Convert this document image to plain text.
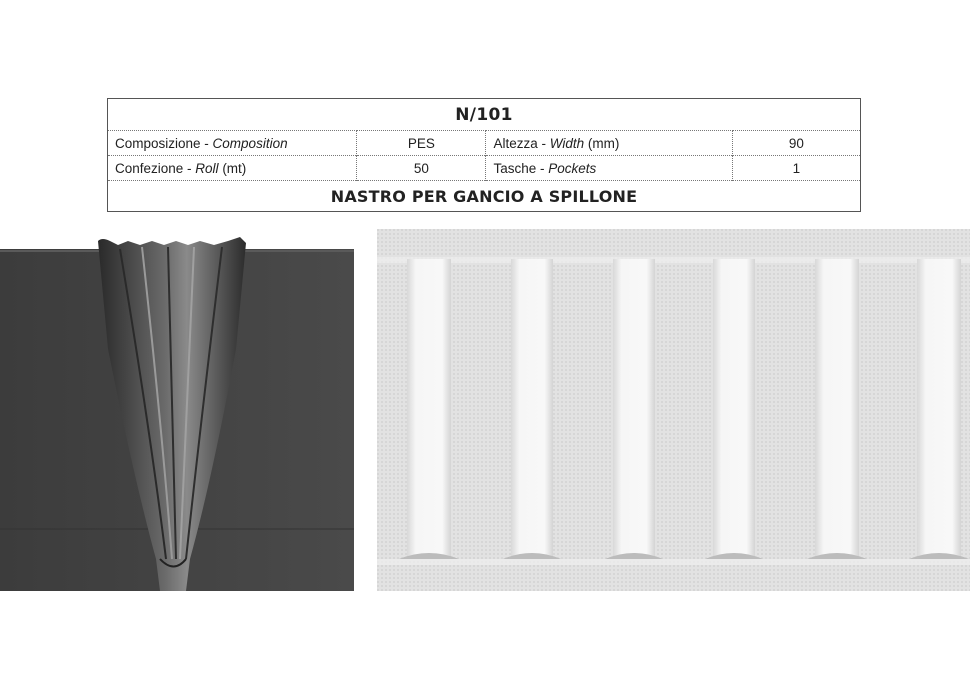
N/101			
Composizione - Composition	PES	Altezza - Width (mm)	90
Confezione - Roll (mt)	50	Tasche - Pockets	1
NASTRO PER GANCIO A SPILLONE			
